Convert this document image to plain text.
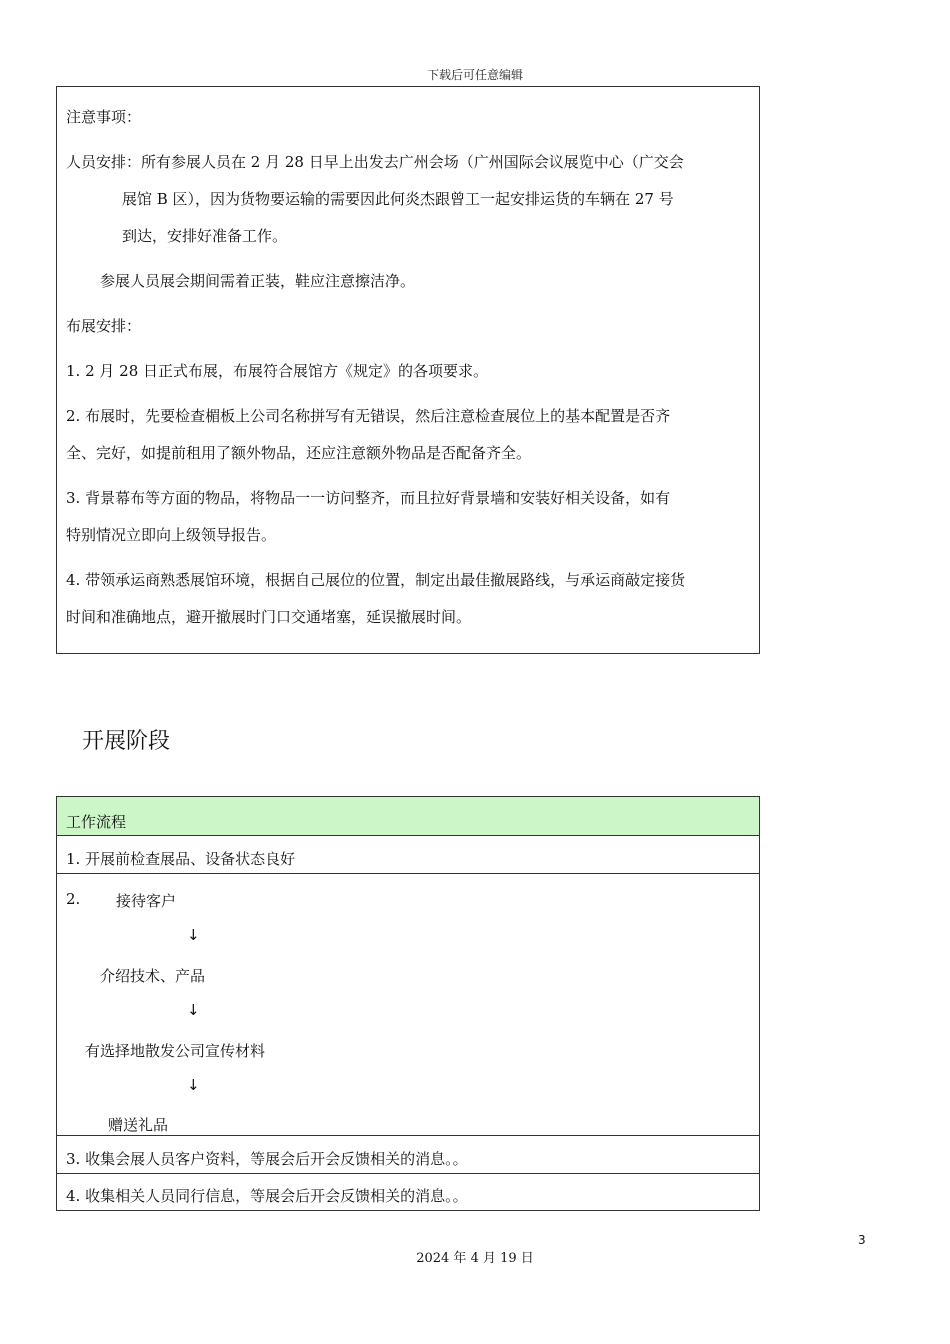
下载后可任意编辑
注意事项：
人员安排：所有参展人员在 2 月 28 日早上出发去广州会场（广州国际会议展览中心（广交会
展馆 B 区），因为货物要运输的需要因此何炎杰跟曾工一起安排运货的车辆在 27 号
到达，安排好准备工作。
参展人员展会期间需着正装，鞋应注意擦洁净。
布展安排：
1. 2 月 28 日正式布展，布展符合展馆方《规定》的各项要求。
2. 布展时，先要检查楣板上公司名称拼写有无错误，然后注意检查展位上的基本配置是否齐
全、完好，如提前租用了额外物品，还应注意额外物品是否配备齐全。
3. 背景幕布等方面的物品，将物品一一访问整齐，而且拉好背景墙和安装好相关设备，如有
特别情况立即向上级领导报告。
4. 带领承运商熟悉展馆环境，根据自己展位的位置，制定出最佳撤展路线，与承运商敲定接货
时间和准确地点，避开撤展时门口交通堵塞，延误撤展时间。
开展阶段
工作流程
1. 开展前检查展品、设备状态良好
2. 接待客户
↓
介绍技术、产品
↓
有选择地散发公司宣传材料
↓
赠送礼品
3. 收集会展人员客户资料，等展会后开会反馈相关的消息。。
4. 收集相关人员同行信息，等展会后开会反馈相关的消息。。
3
2024 年 4 月 19 日
